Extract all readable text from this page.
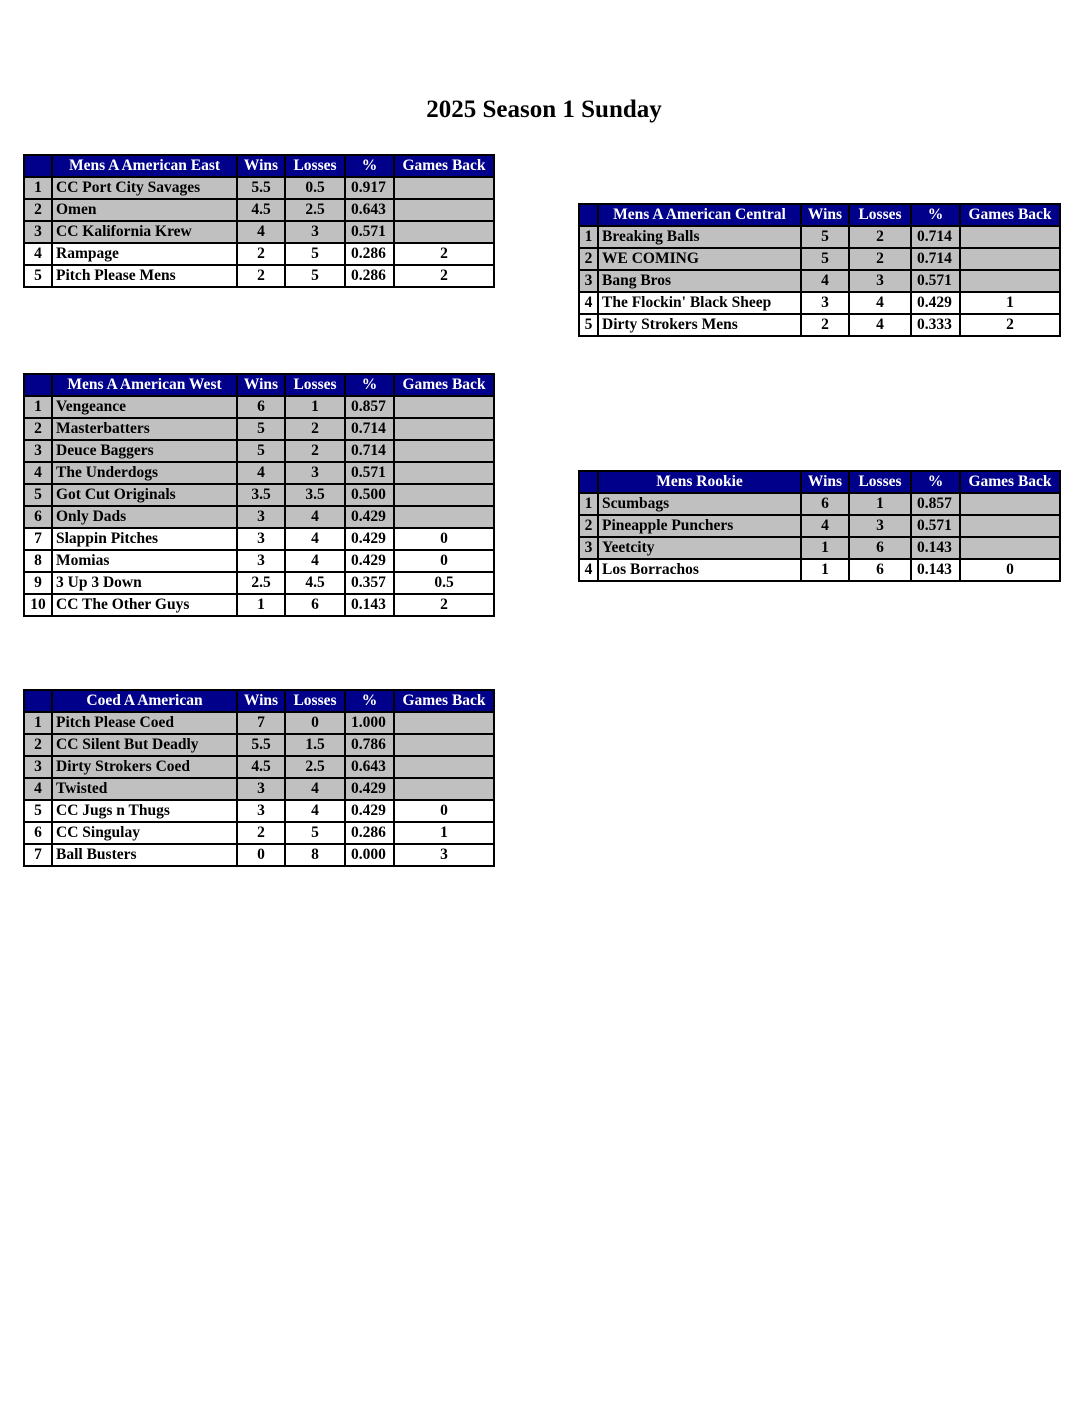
2025 Season 1 Sunday
	Mens A American East	Wins	Losses	%	Games Back
1	CC Port City Savages	5.5	0.5	0.917	
2	Omen	4.5	2.5	0.643	
3	CC Kalifornia Krew	4	3	0.571	
4	Rampage	2	5	0.286	2
5	Pitch Please Mens	2	5	0.286	2
	Mens A American Central	Wins	Losses	%	Games Back
1	Breaking Balls	5	2	0.714	
2	WE COMING	5	2	0.714	
3	Bang Bros	4	3	0.571	
4	The Flockin' Black Sheep	3	4	0.429	1
5	Dirty Strokers Mens	2	4	0.333	2
	Mens A American West	Wins	Losses	%	Games Back
1	Vengeance	6	1	0.857	
2	Masterbatters	5	2	0.714	
3	Deuce Baggers	5	2	0.714	
4	The Underdogs	4	3	0.571	
5	Got Cut Originals	3.5	3.5	0.500	
6	Only Dads	3	4	0.429	
7	Slappin Pitches	3	4	0.429	0
8	Momias	3	4	0.429	0
9	3 Up 3 Down	2.5	4.5	0.357	0.5
10	CC The Other Guys	1	6	0.143	2
	Mens Rookie	Wins	Losses	%	Games Back
1	Scumbags	6	1	0.857	
2	Pineapple Punchers	4	3	0.571	
3	Yeetcity	1	6	0.143	
4	Los Borrachos	1	6	0.143	0
	Coed A American	Wins	Losses	%	Games Back
1	Pitch Please Coed	7	0	1.000	
2	CC Silent But Deadly	5.5	1.5	0.786	
3	Dirty Strokers Coed	4.5	2.5	0.643	
4	Twisted	3	4	0.429	
5	CC Jugs n Thugs	3	4	0.429	0
6	CC Singulay	2	5	0.286	1
7	Ball Busters	0	8	0.000	3
